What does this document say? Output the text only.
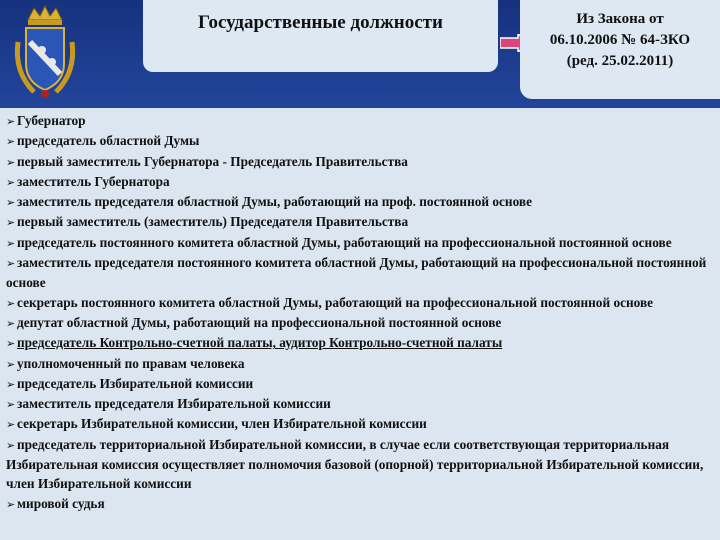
Государственные должности	Из Закона от
06.10.2006 № 64-ЗКО
(ред. 25.02.2011)

➢ Губернатор

➢ председатель областной Думы

➢ первый заместитель Губернатора - Председатель Правительства

➢ заместитель Губернатора

➢ заместитель председателя областной Думы, работающий на проф. постоянной основе

➢ первый заместитель (заместитель) Председателя Правительства

➢ председатель постоянного комитета областной Думы, работающий на профессиональной постоянной основе

➢ заместитель председателя постоянного комитета областной Думы, работающий на профессиональной постоянной основе

➢ секретарь постоянного комитета областной Думы, работающий на профессиональной постоянной основе

➢ депутат областной Думы, работающий на профессиональной постоянной основе

➢ председатель Контрольно-счетной палаты, аудитор Контрольно-счетной палаты

➢ уполномоченный по правам человека

➢ председатель Избирательной комиссии

➢ заместитель председателя Избирательной комиссии

➢ секретарь Избирательной комиссии, член Избирательной комиссии

➢ председатель территориальной Избирательной комиссии, в случае если соответствующая территориальная Избирательная комиссия осуществляет полномочия базовой (опорной) территориальной Избирательной комиссии, член Избирательной комиссии

➢ мировой судья
